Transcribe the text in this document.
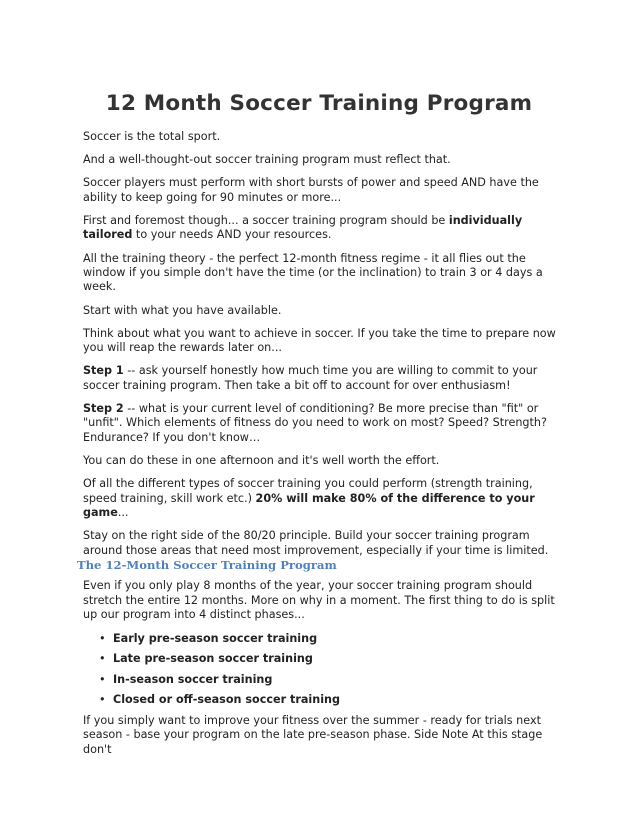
12 Month Soccer Training Program

Soccer is the total sport.

And a well-thought-out soccer training program must reflect that.

Soccer players must perform with short bursts of power and speed AND have the ability to keep going for 90 minutes or more...

First and foremost though... a soccer training program should be individually tailored to your needs AND your resources.

All the training theory - the perfect 12-month fitness regime - it all flies out the window if you simple don't have the time (or the inclination) to train 3 or 4 days a week.

Start with what you have available.

Think about what you want to achieve in soccer. If you take the time to prepare now you will reap the rewards later on...

Step 1 -- ask yourself honestly how much time you are willing to commit to your soccer training program. Then take a bit off to account for over enthusiasm!

Step 2 -- what is your current level of conditioning? Be more precise than "fit" or "unfit". Which elements of fitness do you need to work on most? Speed? Strength? Endurance? If you don't know…

You can do these in one afternoon and it's well worth the effort.

Of all the different types of soccer training you could perform (strength training, speed training, skill work etc.) 20% will make 80% of the difference to your game...

Stay on the right side of the 80/20 principle. Build your soccer training program around those areas that need most improvement, especially if your time is limited.

The 12-Month Soccer Training Program

Even if you only play 8 months of the year, your soccer training program should stretch the entire 12 months. More on why in a moment. The first thing to do is split up our program into 4 distinct phases...

• Early pre-season soccer training
• Late pre-season soccer training
• In-season soccer training
• Closed or off-season soccer training

If you simply want to improve your fitness over the summer - ready for trials next season - base your program on the late pre-season phase. Side Note At this stage don't
